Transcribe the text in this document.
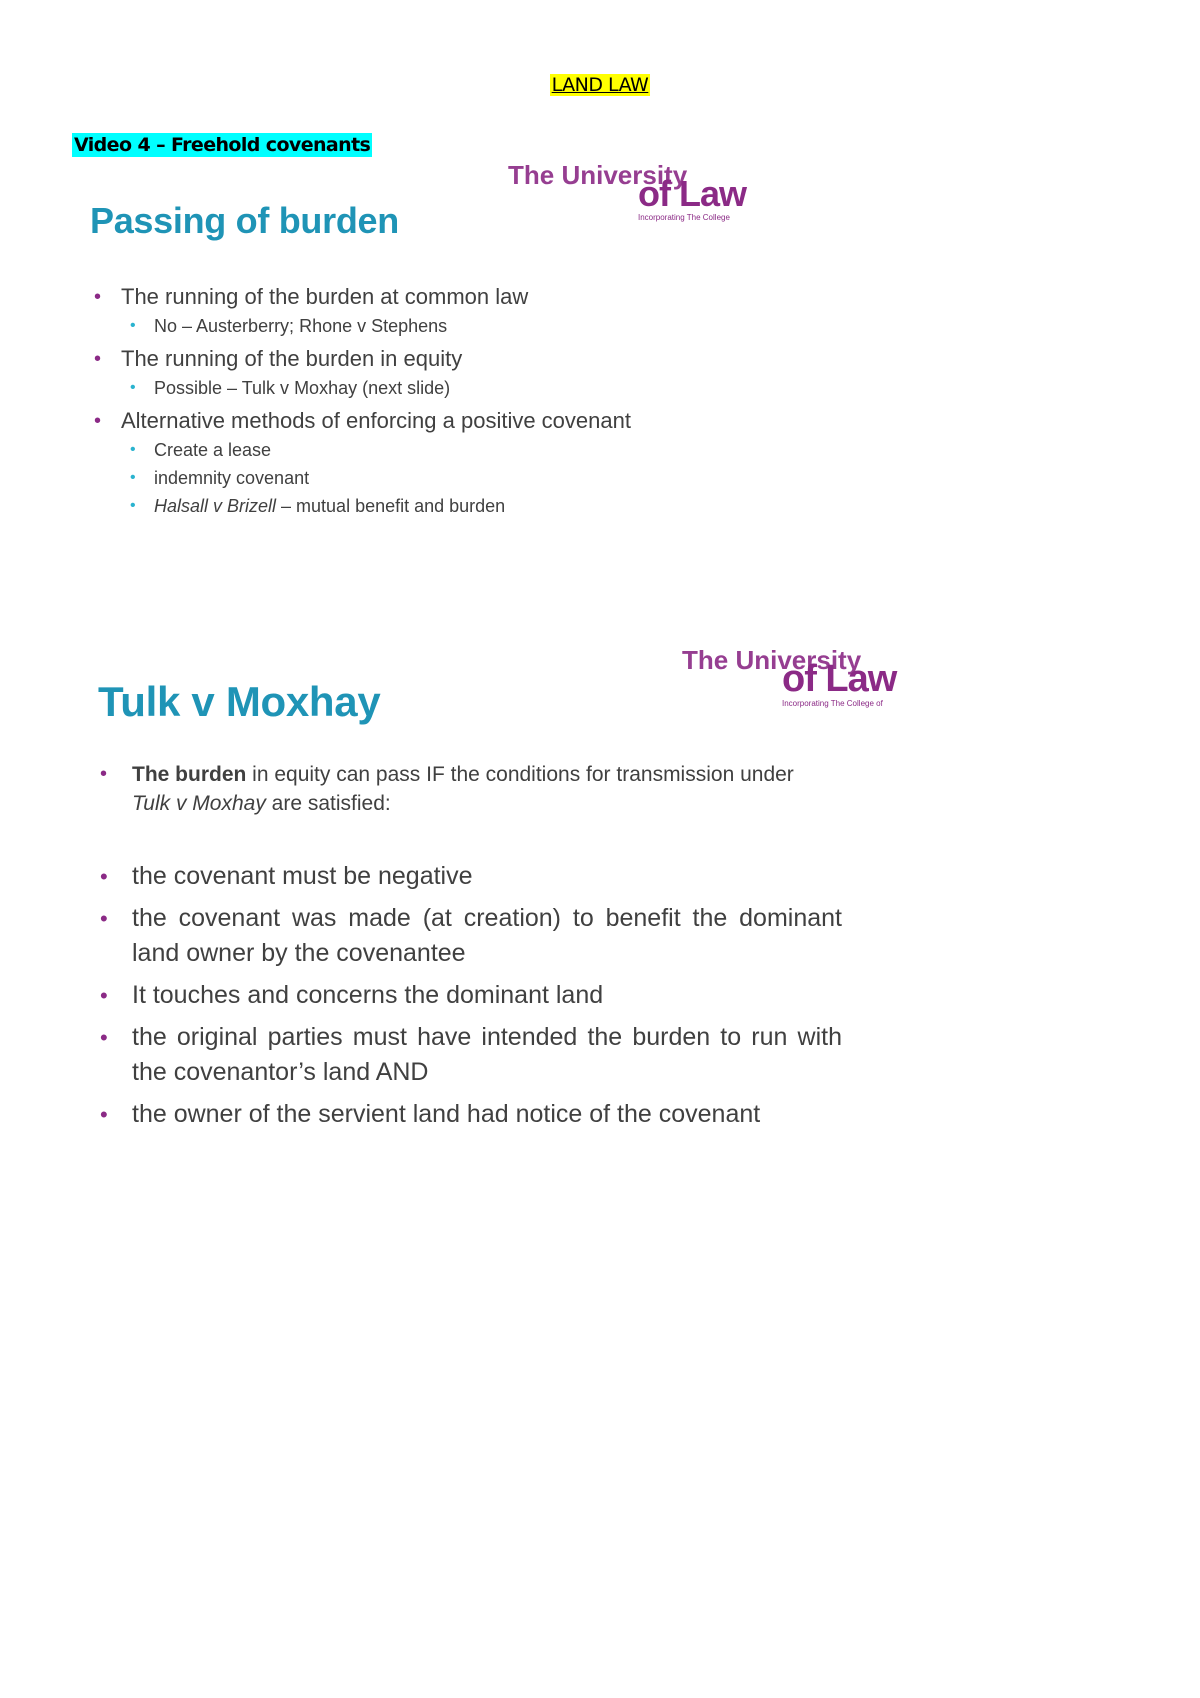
LAND LAW
Video 4 – Freehold covenants
The University
of Law
Incorporating The College
Passing of burden
• The running of the burden at common law
• No – Austerberry; Rhone v Stephens
• The running of the burden in equity
• Possible – Tulk v Moxhay (next slide)
• Alternative methods of enforcing a positive covenant
• Create a lease
• indemnity covenant
• Halsall v Brizell – mutual benefit and burden
The University
of Law
Incorporating The College of
Tulk v Moxhay
• The burden in equity can pass IF the conditions for transmission under Tulk v Moxhay are satisfied:
• the covenant must be negative
• the covenant was made (at creation) to benefit the dominant land owner by the covenantee
• It touches and concerns the dominant land
• the original parties must have intended the burden to run with the covenantor’s land AND
• the owner of the servient land had notice of the covenant
